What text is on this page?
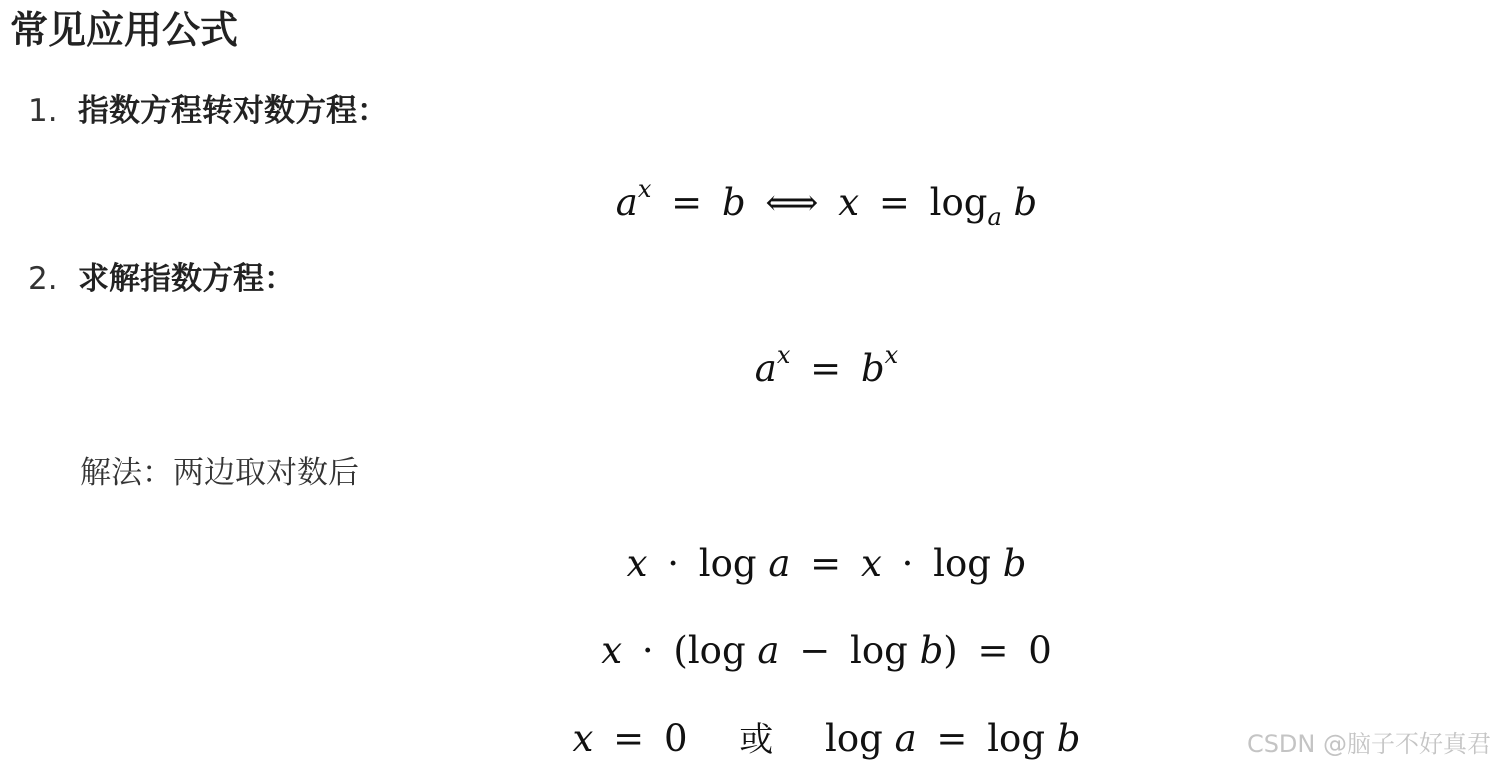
常见应用公式
1. 指数方程转对数方程：
$a^x = b$ ⟺ $x = \log_a b$
2. 求解指数方程：
$a^x = b^x$
解法：两边取对数后
x · log a = x · log b
x · (log a − log b) = 0
x = 0 或 log a = log b	CSDN @脑子不好真君
